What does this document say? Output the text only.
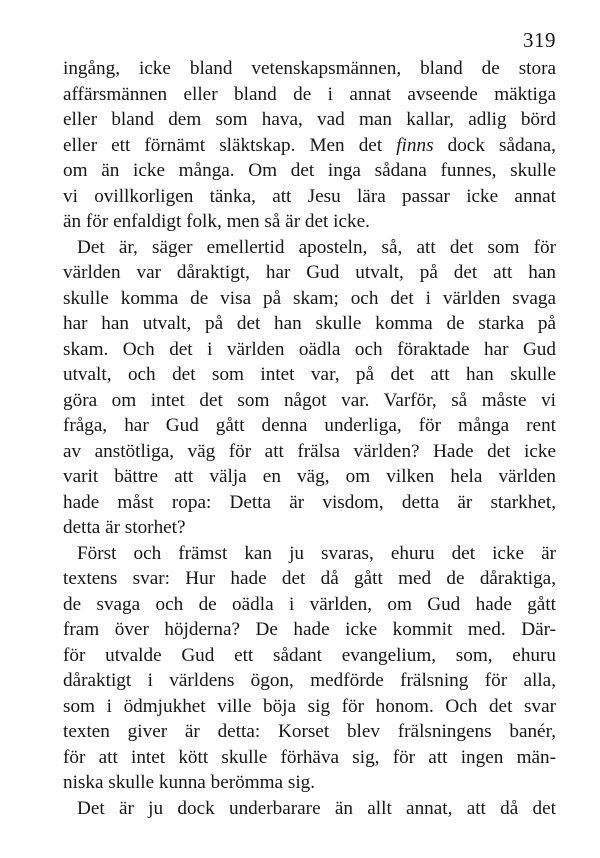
319
ingång, icke bland vetenskapsmännen, bland de stora
affärsmännen eller bland de i annat avseende mäktiga
eller bland dem som hava, vad man kallar, adlig börd
eller ett förnämt släktskap. Men det finns dock sådana,
om än icke många. Om det inga sådana funnes, skulle
vi ovillkorligen tänka, att Jesu lära passar icke annat
än för enfaldigt folk, men så är det icke.
Det är, säger emellertid aposteln, så, att det som för
världen var dåraktigt, har Gud utvalt, på det att han
skulle komma de visa på skam; och det i världen svaga
har han utvalt, på det han skulle komma de starka på
skam. Och det i världen oädla och föraktade har Gud
utvalt, och det som intet var, på det att han skulle
göra om intet det som något var. Varför, så måste vi
fråga, har Gud gått denna underliga, för många rent
av anstötliga, väg för att frälsa världen? Hade det icke
varit bättre att välja en väg, om vilken hela världen
hade måst ropa: Detta är visdom, detta är starkhet,
detta är storhet?
Först och främst kan ju svaras, ehuru det icke är
textens svar: Hur hade det då gått med de dåraktiga,
de svaga och de oädla i världen, om Gud hade gått
fram över höjderna? De hade icke kommit med. Där-
för utvalde Gud ett sådant evangelium, som, ehuru
dåraktigt i världens ögon, medförde frälsning för alla,
som i ödmjukhet ville böja sig för honom. Och det svar
texten giver är detta: Korset blev frälsningens banér,
för att intet kött skulle förhäva sig, för att ingen män-
niska skulle kunna berömma sig.
Det är ju dock underbarare än allt annat, att då det
